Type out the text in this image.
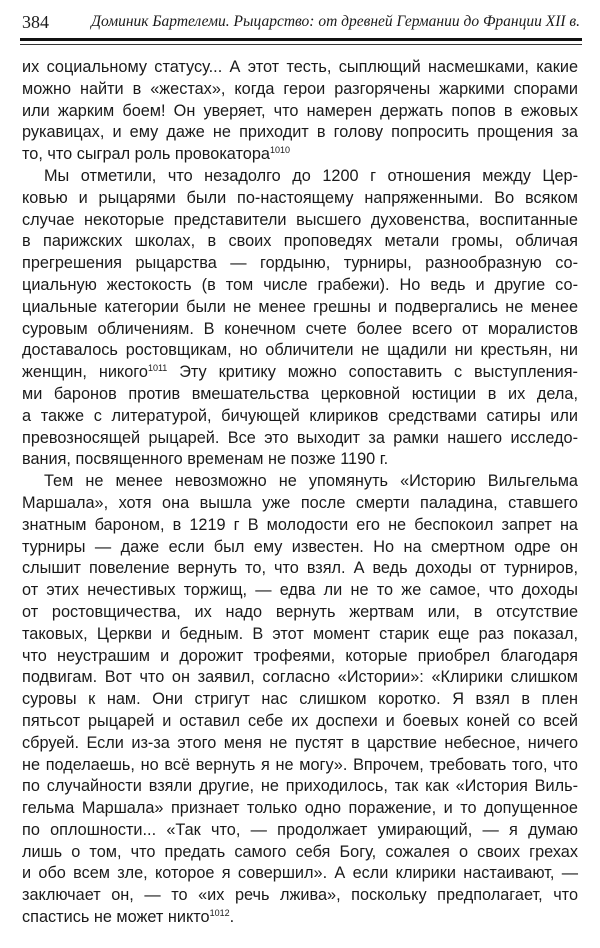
384	Доминик Бартелеми. Рыцарство: от древней Германии до Франции XII в.
их социальному статусу... А этот тесть, сыплющий насмешками, какие
можно найти в «жестах», когда герои разгорячены жаркими спорами
или жарким боем! Он уверяет, что намерен держать попов в ежовых
рукавицах, и ему даже не приходит в голову попросить прощения за
то, что сыграл роль провокатора$^{1010}$
Мы отметили, что незадолго до 1200 г отношения между Цер-
ковью и рыцарями были по-настоящему напряженными. Во всяком
случае некоторые представители высшего духовенства, воспитанные
в парижских школах, в своих проповедях метали громы, обличая
прегрешения рыцарства — гордыню, турниры, разнообразную со-
циальную жестокость (в том числе грабежи). Но ведь и другие со-
циальные категории были не менее грешны и подвергались не менее
суровым обличениям. В конечном счете более всего от моралистов
доставалось ростовщикам, но обличители не щадили ни крестьян, ни
женщин, никого$^{1011}$ Эту критику можно сопоставить с выступления-
ми баронов против вмешательства церковной юстиции в их дела,
а также с литературой, бичующей клириков средствами сатиры или
превозносящей рыцарей. Все это выходит за рамки нашего исследо-
вания, посвященного временам не позже 1190 г.
Тем не менее невозможно не упомянуть «Историю Вильгельма
Маршала», хотя она вышла уже после смерти паладина, ставшего
знатным бароном, в 1219 г В молодости его не беспокоил запрет на
турниры — даже если был ему известен. Но на смертном одре он
слышит повеление вернуть то, что взял. А ведь доходы от турниров,
от этих нечестивых торжищ, — едва ли не то же самое, что доходы
от ростовщичества, их надо вернуть жертвам или, в отсутствие
таковых, Церкви и бедным. В этот момент старик еще раз показал,
что неустрашим и дорожит трофеями, которые приобрел благодаря
подвигам. Вот что он заявил, согласно «Истории»: «Клирики слишком
суровы к нам. Они стригут нас слишком коротко. Я взял в плен
пятьсот рыцарей и оставил себе их доспехи и боевых коней со всей
сбруей. Если из-за этого меня не пустят в царствие небесное, ничего
не поделаешь, но всё вернуть я не могу». Впрочем, требовать того, что
по случайности взяли другие, не приходилось, так как «История Виль-
гельма Маршала» признает только одно поражение, и то допущенное
по оплошности... «Так что, — продолжает умирающий, — я думаю
лишь о том, что предать самого себя Богу, сожалея о своих грехах
и обо всем зле, которое я совершил». А если клирики настаивают, —
заключает он, — то «их речь лжива», поскольку предполагает, что
спастись не может никто$^{1012}$.
